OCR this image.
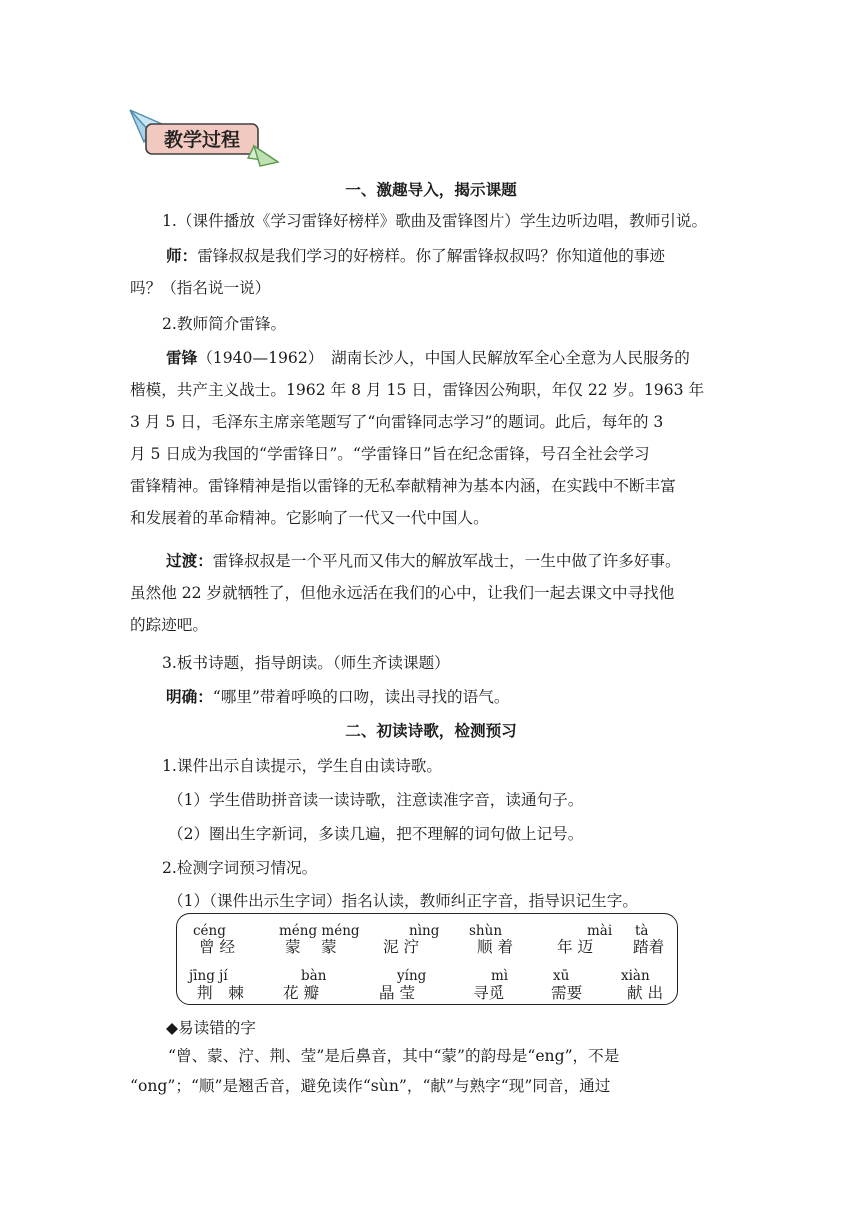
教学过程
一、激趣导入，揭示课题
1.（课件播放《学习雷锋好榜样》歌曲及雷锋图片）学生边听边唱，教师引说。
师：雷锋叔叔是我们学习的好榜样。你了解雷锋叔叔吗？你知道他的事迹
吗？（指名说一说）
2.教师简介雷锋。
雷锋（1940—1962）　湖南长沙人，中国人民解放军全心全意为人民服务的
楷模，共产主义战士。1962 年 8 月 15 日，雷锋因公殉职，年仅 22 岁。1963 年
3 月 5 日，毛泽东主席亲笔题写了“向雷锋同志学习”的题词。此后，每年的 3
月 5 日成为我国的“学雷锋日”。“学雷锋日”旨在纪念雷锋，号召全社会学习
雷锋精神。雷锋精神是指以雷锋的无私奉献精神为基本内涵，在实践中不断丰富
和发展着的革命精神。它影响了一代又一代中国人。
过渡：雷锋叔叔是一个平凡而又伟大的解放军战士，一生中做了许多好事。
虽然他 22 岁就牺牲了，但他永远活在我们的心中，让我们一起去课文中寻找他
的踪迹吧。
3.板书诗题，指导朗读。（师生齐读课题）
明确：“哪里”带着呼唤的口吻，读出寻找的语气。
二、初读诗歌，检测预习
1.课件出示自读提示，学生自由读诗歌。
（1）学生借助拼音读一读诗歌，注意读准字音，读通句子。
（2）圈出生字新词，多读几遍，把不理解的词句做上记号。
2.检测字词预习情况。
（1）（课件出示生字词）指名认读，教师纠正字音，指导识记生字。
céng
曾 经
méng méng
蒙　 蒙
nìng
泥 泞
shùn
顺 着
mài
年 迈
tà
踏着
jīng jí
荆　棘
bàn
花 瓣
yíng
晶 莹
mì
寻觅
xū
需要
xiàn
献 出
◆易读错的字
“曾、蒙、泞、荆、莹”是后鼻音，其中“蒙”的韵母是“eng”，不是
“ong”；“顺”是翘舌音，避免读作“sùn”，“献”与熟字“现”同音，通过
